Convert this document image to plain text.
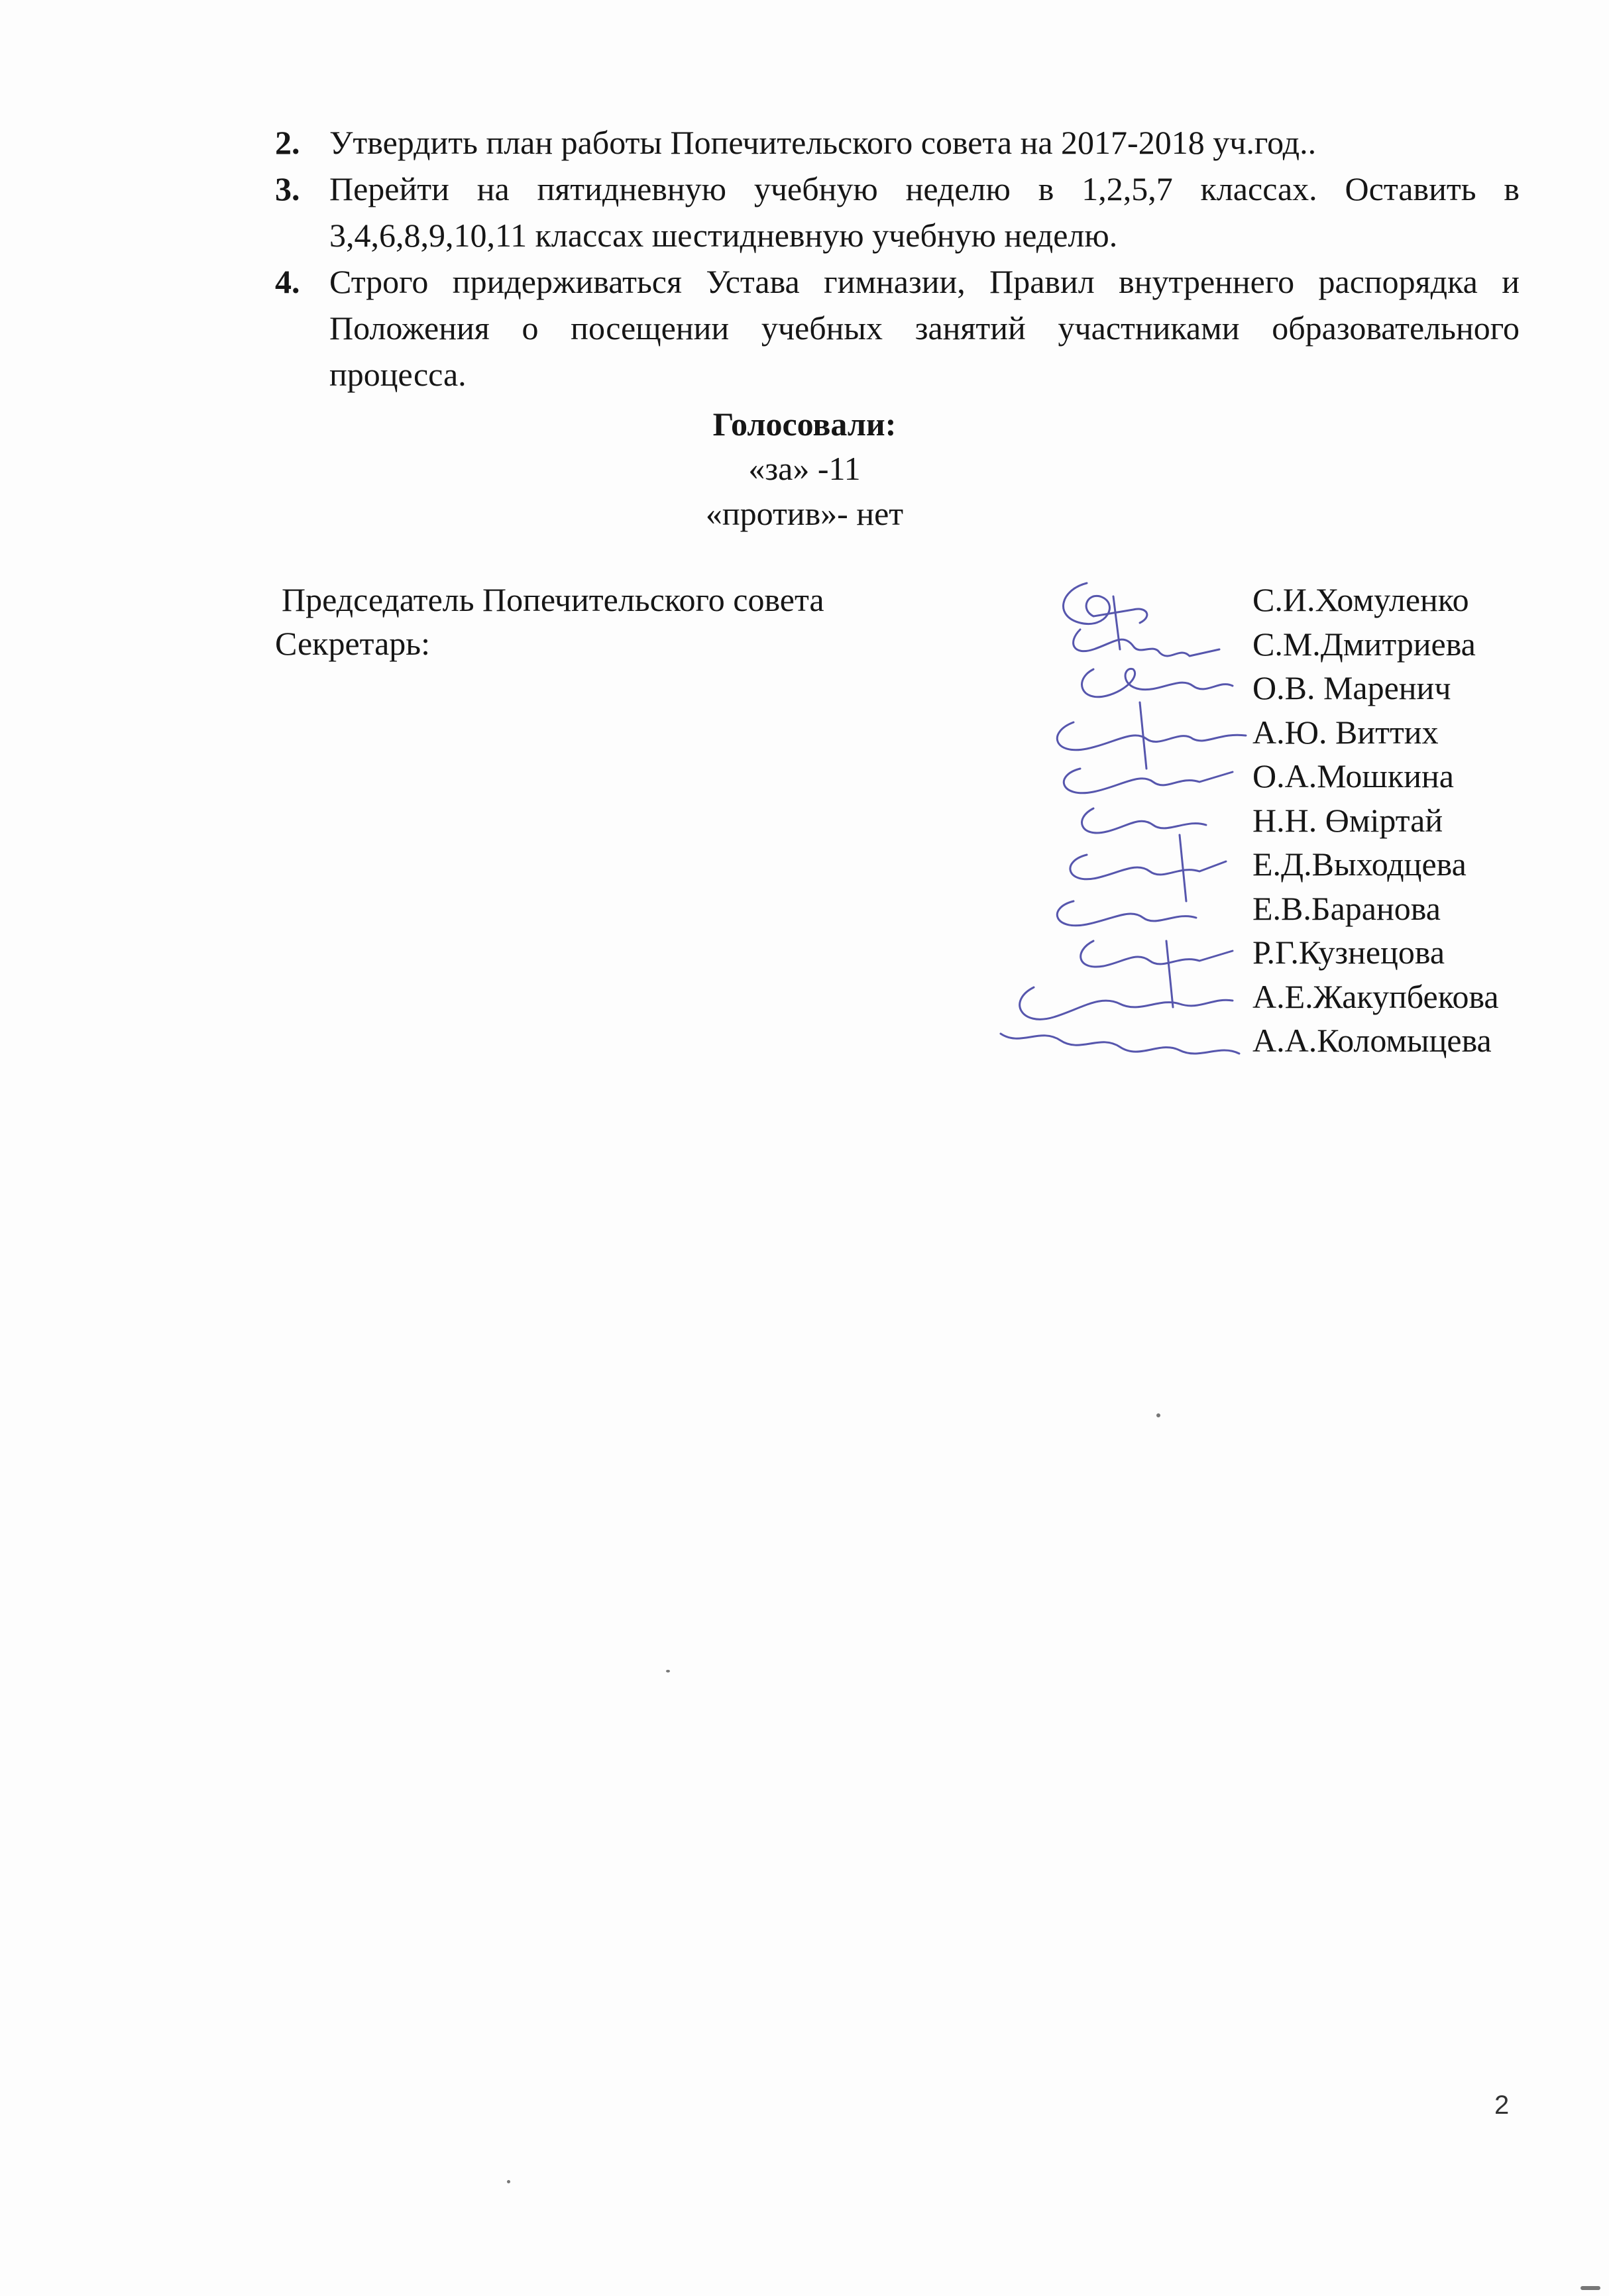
2. Утвердить план работы Попечительского совета на 2017-2018 уч.год..
3. Перейти на пятидневную учебную неделю в 1,2,5,7 классах. Оставить в 3,4,6,8,9,10,11 классах шестидневную учебную неделю.
4. Строго придерживаться Устава гимназии, Правил внутреннего распорядка и Положения о посещении учебных занятий участниками образовательного процесса.
Голосовали:
«за» -11
«против»- нет
Председатель Попечительского совета
Секретарь:
С.И.Хомуленко
С.М.Дмитриева
О.В. Маренич
А.Ю. Виттих
О.А.Мошкина
Н.Н. Өміртай
Е.Д.Выходцева
Е.В.Баранова
Р.Г.Кузнецова
А.Е.Жакупбекова
А.А.Коломыцева
2
